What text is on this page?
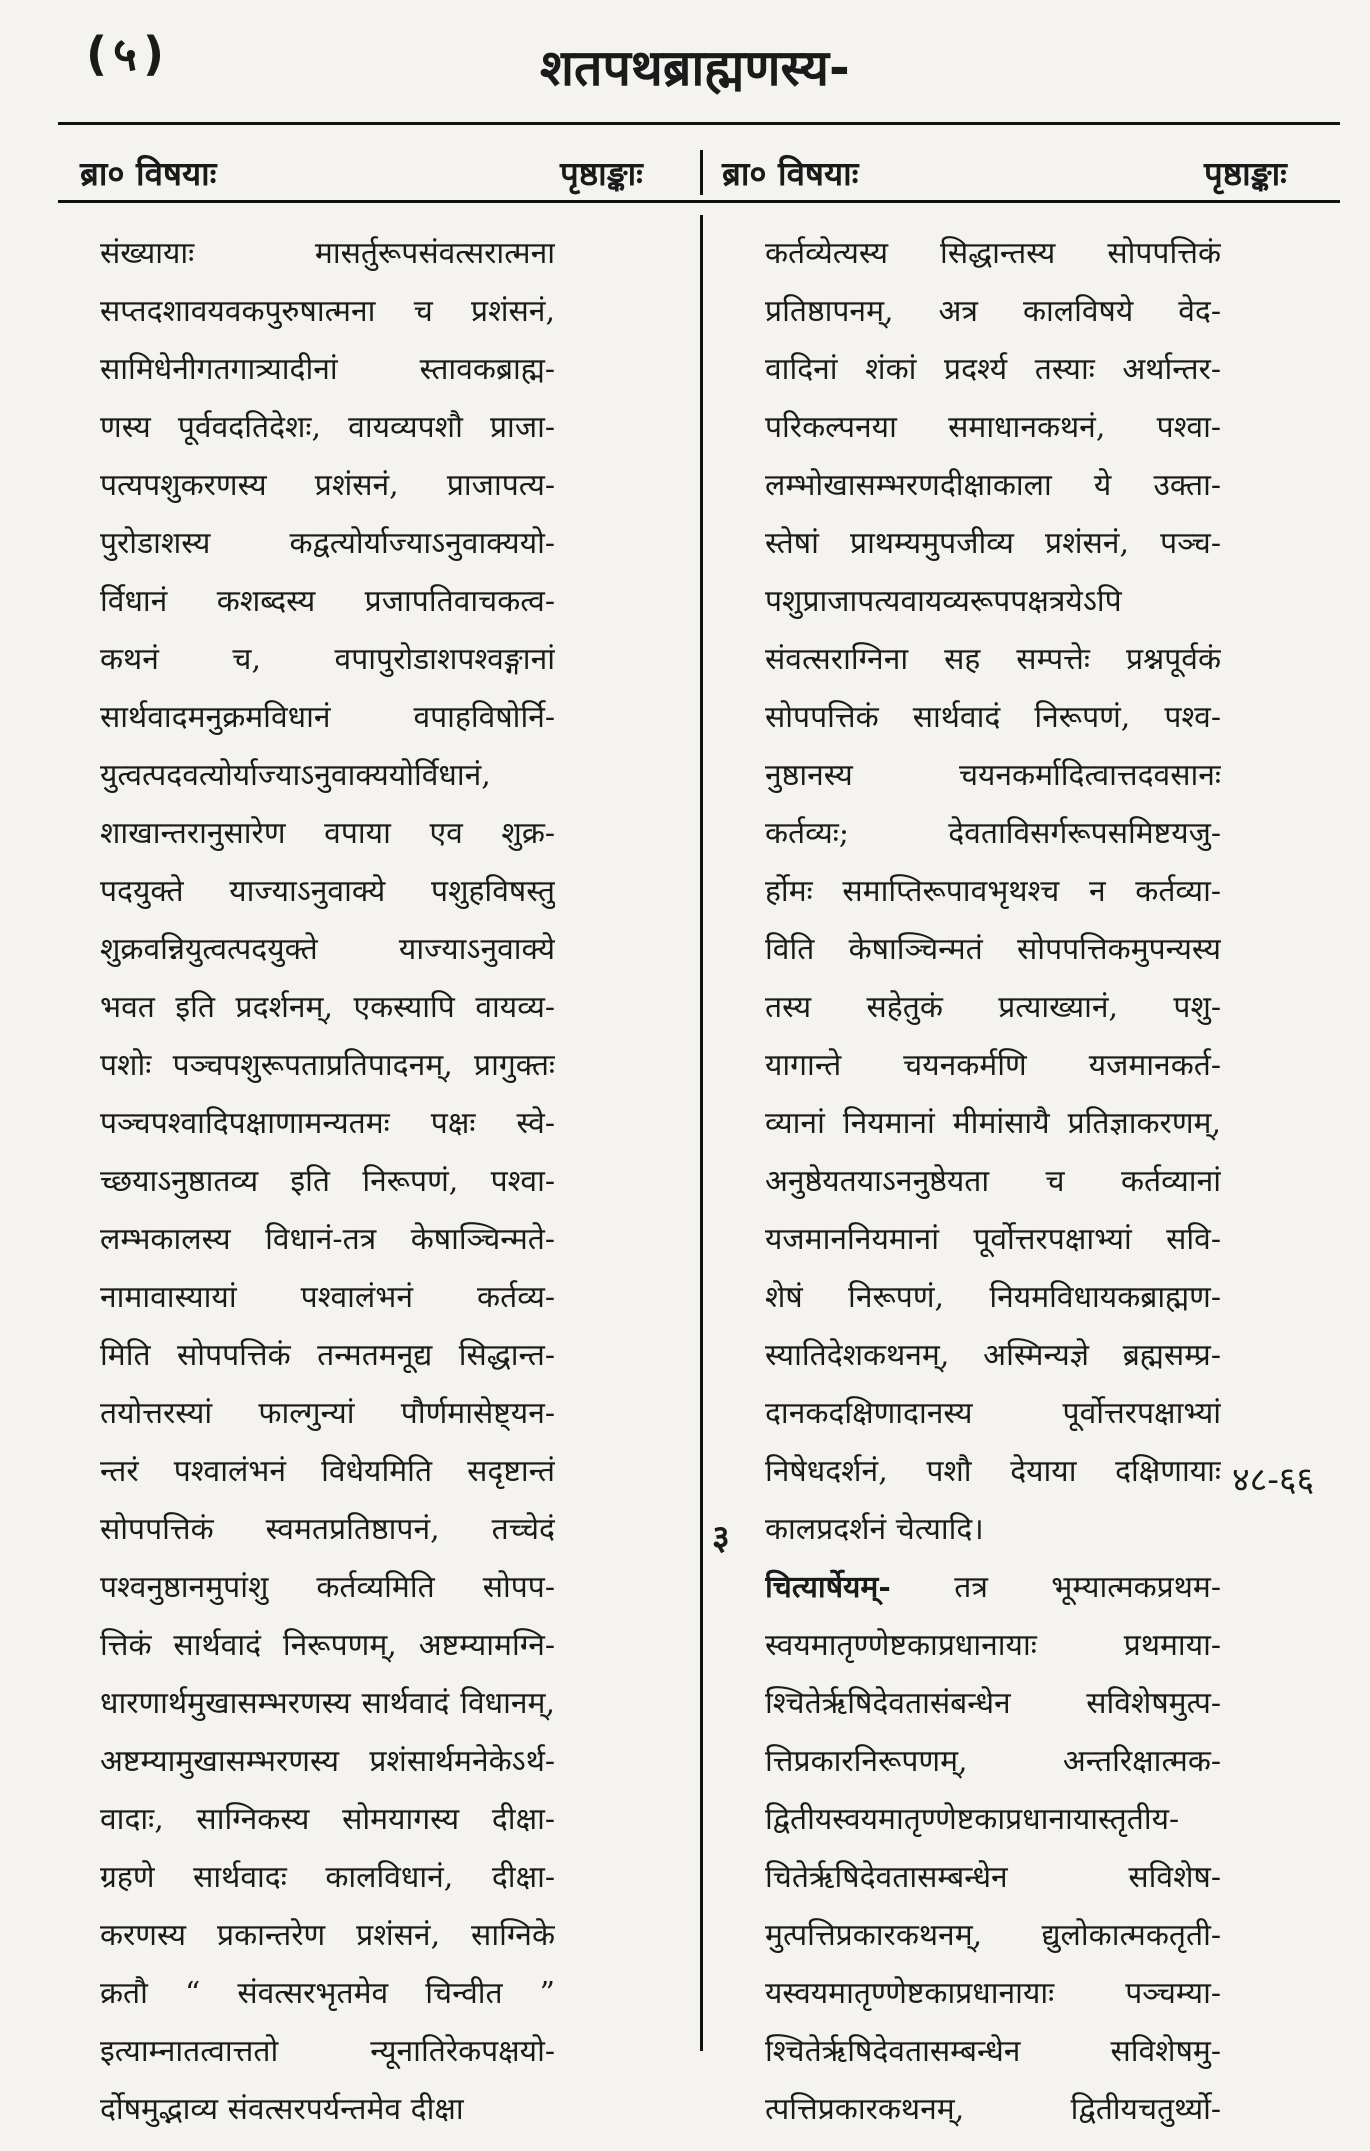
(५)	शतपथब्राह्मणस्य-
ब्रा० विषयाः	पृष्ठाङ्काः ब्रा० विषयाः	पृष्ठाङ्काः
संख्यायाः मासर्तुरूपसंवत्सरात्मना
सप्तदशावयवकपुरुषात्मना च प्रशंसनं,
सामिधेनीगतगात्र्यादीनां स्तावकब्राह्म-
णस्य पूर्ववदतिदेशः, वायव्यपशौ प्राजा-
पत्यपशुकरणस्य प्रशंसनं, प्राजापत्य-
पुरोडाशस्य कद्वत्योर्याज्याऽनुवाक्ययो-
र्विधानं कशब्दस्य प्रजापतिवाचकत्व-
कथनं च, वपापुरोडाशपश्वङ्गानां
सार्थवादमनुक्रमविधानं वपाहविषोर्नि-
युत्वत्पदवत्योर्याज्याऽनुवाक्ययोर्विधानं,
शाखान्तरानुसारेण वपाया एव शुक्र-
पदयुक्ते याज्याऽनुवाक्ये पशुहविषस्तु
शुक्रवन्नियुत्वत्पदयुक्ते याज्याऽनुवाक्ये
भवत इति प्रदर्शनम्, एकस्यापि वायव्य-
पशोः पञ्चपशुरूपताप्रतिपादनम्, प्रागुक्तः
पञ्चपश्वादिपक्षाणामन्यतमः पक्षः स्वे-
च्छयाऽनुष्ठातव्य इति निरूपणं, पश्वा-
लम्भकालस्य विधानं-तत्र केषाञ्चिन्मते-
नामावास्यायां पश्वालंभनं कर्तव्य-
मिति सोपपत्तिकं तन्मतमनूद्य सिद्धान्त-
तयोत्तरस्यां फाल्गुन्यां पौर्णमासेष्ट्यन-
न्तरं पश्वालंभनं विधेयमिति सदृष्टान्तं
सोपपत्तिकं स्वमतप्रतिष्ठापनं, तच्चेदं
पश्वनुष्ठानमुपांशु कर्तव्यमिति सोपप-
त्तिकं सार्थवादं निरूपणम्, अष्टम्यामग्नि-
धारणार्थमुखासम्भरणस्य सार्थवादं विधानम्,
अष्टम्यामुखासम्भरणस्य प्रशंसार्थमनेकेऽर्थ-
वादाः, साग्निकस्य सोमयागस्य दीक्षा-
ग्रहणे सार्थवादः कालविधानं, दीक्षा-
करणस्य प्रकान्तरेण प्रशंसनं, साग्निके
क्रतौ “ संवत्सरभृतमेव चिन्वीत ”
इत्याम्नातत्वात्ततो न्यूनातिरेकपक्षयो-
र्दोषमुद्भाव्य संवत्सरपर्यन्तमेव दीक्षा
कर्तव्येत्यस्य सिद्धान्तस्य सोपपत्तिकं
प्रतिष्ठापनम्, अत्र कालविषये वेद-
वादिनां शंकां प्रदर्श्य तस्याः अर्थान्तर-
परिकल्पनया समाधानकथनं, पश्वा-
लम्भोखासम्भरणदीक्षाकाला ये उक्ता-
स्तेषां प्राथम्यमुपजीव्य प्रशंसनं, पञ्च-
पशुप्राजापत्यवायव्यरूपपक्षत्रयेऽपि
संवत्सराग्निना सह सम्पत्तेः प्रश्नपूर्वकं
सोपपत्तिकं सार्थवादं निरूपणं, पश्व-
नुष्ठानस्य चयनकर्मादित्वात्तदवसानः
कर्तव्यः; देवताविसर्गरूपसमिष्टयजु-
र्होमः समाप्तिरूपावभृथश्च न कर्तव्या-
विति केषाञ्चिन्मतं सोपपत्तिकमुपन्यस्य
तस्य सहेतुकं प्रत्याख्यानं, पशु-
यागान्ते चयनकर्मणि यजमानकर्त-
व्यानां नियमानां मीमांसायै प्रतिज्ञाकरणम्,
अनुष्ठेयतयाऽननुष्ठेयता च कर्तव्यानां
यजमाननियमानां पूर्वोत्तरपक्षाभ्यां सवि-
शेषं निरूपणं, नियमविधायकब्राह्मण-
स्यातिदेशकथनम्, अस्मिन्यज्ञे ब्रह्मसम्प्र-
दानकदक्षिणादानस्य पूर्वोत्तरपक्षाभ्यां
निषेधदर्शनं, पशौ देयाया दक्षिणायाः
कालप्रदर्शनं चेत्यादि।
चित्यार्षेयम्- तत्र भूम्यात्मकप्रथम-
स्वयमातृण्णेष्टकाप्रधानायाः प्रथमाया-
श्चितेर्ऋषिदेवतासंबन्धेन सविशेषमुत्प-
त्तिप्रकारनिरूपणम्, अन्तरिक्षात्मक-
द्वितीयस्वयमातृण्णेष्टकाप्रधानायास्तृतीय-
चितेर्ऋषिदेवतासम्बन्धेन सविशेष-
मुत्पत्तिप्रकारकथनम्, द्युलोकात्मकतृती-
यस्वयमातृण्णेष्टकाप्रधानायाः पञ्चम्या-
श्चितेर्ऋषिदेवतासम्बन्धेन सविशेषमु-
त्पत्तिप्रकारकथनम्, द्वितीयचतुर्थ्यो-
४८-६६
३
